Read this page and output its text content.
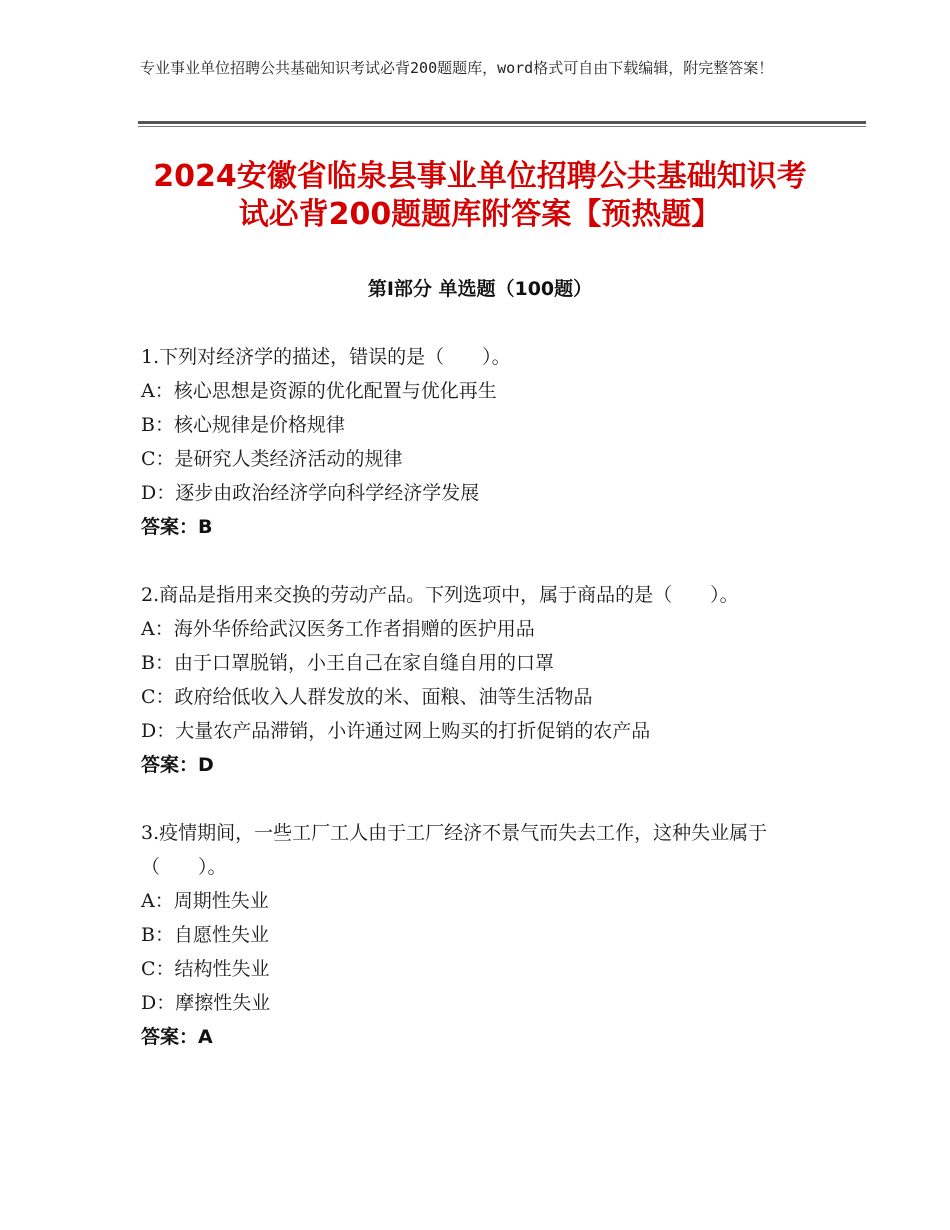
专业事业单位招聘公共基础知识考试必背200题题库，word格式可自由下载编辑，附完整答案！
2024安徽省临泉县事业单位招聘公共基础知识考试必背200题题库附答案【预热题】
第Ⅰ部分 单选题（100题）
1.下列对经济学的描述，错误的是（　　）。
A：核心思想是资源的优化配置与优化再生
B：核心规律是价格规律
C：是研究人类经济活动的规律
D：逐步由政治经济学向科学经济学发展
答案：B
2.商品是指用来交换的劳动产品。下列选项中，属于商品的是（　　）。
A：海外华侨给武汉医务工作者捐赠的医护用品
B：由于口罩脱销，小王自己在家自缝自用的口罩
C：政府给低收入人群发放的米、面粮、油等生活物品
D：大量农产品滞销，小许通过网上购买的打折促销的农产品
答案：D
3.疫情期间，一些工厂工人由于工厂经济不景气而失去工作，这种失业属于（　　）。
A：周期性失业
B：自愿性失业
C：结构性失业
D：摩擦性失业
答案：A
